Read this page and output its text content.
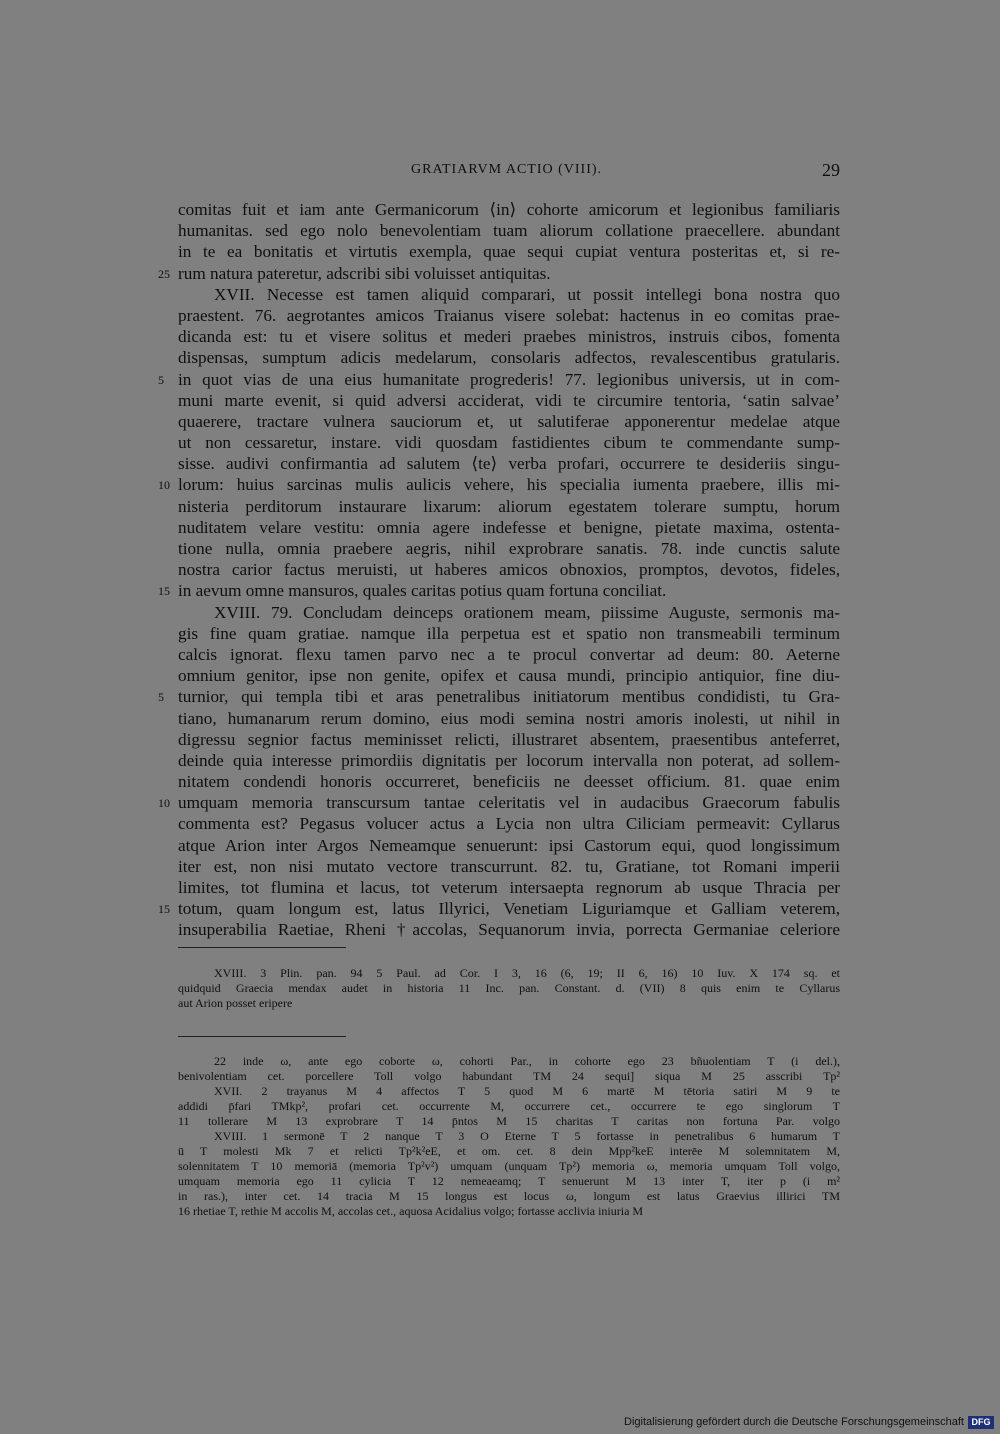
GRATIARVM ACTIO (VIII).	29
comitas fuit et iam ante Germanicorum ⟨in⟩ cohorte amicorum et legionibus familiaris
humanitas. sed ego nolo benevolentiam tuam aliorum collatione praecellere. abundant
in te ea bonitatis et virtutis exempla, quae sequi cupiat ventura posteritas et, si re-
25 rum natura pateretur, adscribi sibi voluisset antiquitas.
XVII. Necesse est tamen aliquid comparari, ut possit intellegi bona nostra quo
praestent. 76. aegrotantes amicos Traianus visere solebat: hactenus in eo comitas prae-
dicanda est: tu et visere solitus et mederi praebes ministros, instruis cibos, fomenta
dispensas, sumptum adicis medelarum, consolaris adfectos, revalescentibus gratularis.
5 in quot vias de una eius humanitate progrederis! 77. legionibus universis, ut in com-
muni marte evenit, si quid adversi acciderat, vidi te circumire tentoria, ‘satin salvae’
quaerere, tractare vulnera sauciorum et, ut salutiferae apponerentur medelae atque
ut non cessaretur, instare. vidi quosdam fastidientes cibum te commendante sump-
sisse. audivi confirmantia ad salutem ⟨te⟩ verba profari, occurrere te desideriis singu-
10 lorum: huius sarcinas mulis aulicis vehere, his specialia iumenta praebere, illis mi-
nisteria perditorum instaurare lixarum: aliorum egestatem tolerare sumptu, horum
nuditatem velare vestitu: omnia agere indefesse et benigne, pietate maxima, ostenta-
tione nulla, omnia praebere aegris, nihil exprobrare sanatis. 78. inde cunctis salute
nostra carior factus meruisti, ut haberes amicos obnoxios, promptos, devotos, fideles,
15 in aevum omne mansuros, quales caritas potius quam fortuna conciliat.
XVIII. 79. Concludam deinceps orationem meam, piissime Auguste, sermonis ma-
gis fine quam gratiae. namque illa perpetua est et spatio non transmeabili terminum
calcis ignorat. flexu tamen parvo nec a te procul convertar ad deum: 80. Aeterne
omnium genitor, ipse non genite, opifex et causa mundi, principio antiquior, fine diu-
5 turnior, qui templa tibi et aras penetralibus initiatorum mentibus condidisti, tu Gra-
tiano, humanarum rerum domino, eius modi semina nostri amoris inolesti, ut nihil in
digressu segnior factus meminisset relicti, illustraret absentem, praesentibus anteferret,
deinde quia interesse primordiis dignitatis per locorum intervalla non poterat, ad sollem-
nitatem condendi honoris occurreret, beneficiis ne deesset officium. 81. quae enim
10 umquam memoria transcursum tantae celeritatis vel in audacibus Graecorum fabulis
commenta est? Pegasus volucer actus a Lycia non ultra Ciliciam permeavit: Cyllarus
atque Arion inter Argos Nemeamque senuerunt: ipsi Castorum equi, quod longissimum
iter est, non nisi mutato vectore transcurrunt. 82. tu, Gratiane, tot Romani imperii
limites, tot flumina et lacus, tot veterum intersaepta regnorum ab usque Thracia per
15 totum, quam longum est, latus Illyrici, Venetiam Liguriamque et Galliam veterem,
insuperabilia Raetiae, Rheni †accolas, Sequanorum invia, porrecta Germaniae celeriore
XVIII. 3 Plin. pan. 94 5 Paul. ad Cor. I 3, 16 (6, 19; II 6, 16) 10 Iuv. X 174 sq. et
quidquid Graecia mendax audet in historia 11 Inc. pan. Constant. d. (VII) 8 quis enim te Cyllarus
aut Arion posset eripere
22 inde ω, ante ego coborte ω, cohorti Par., in cohorte ego 23 bñuolentiam T (i del.),
benivolentiam cet. porcellere Toll volgo habundant TM 24 sequi] siqua M 25 asscribi Tp²
XVII. 2 trayanus M 4 affectos T 5 quod M 6 martē M tētoria satiri M 9 te
addidi p̄fari TMkp², profari cet. occurrente M, occurrere cet., occurrere te ego singlorum T
11 tollerare M 13 exprobrare T 14 p̄ntos M 15 charitas T caritas non fortuna Par. volgo
XVIII. 1 sermonē T 2 nanque T 3 O Eterne T 5 fortasse in penetralibus 6 humarum T
ū T molesti Mk 7 et relicti Tp²k²eE, et om. cet. 8 dein Mpp²keE interēe M solemnitatem M,
solennitatem T 10 memoriā (memoria Tp²v²) umquam (unquam Tp²) memoria ω, memoria umquam Toll volgo,
umquam memoria ego 11 cylicia T 12 nemeaeamq; T senuerunt M 13 inter T, iter p (i m²
in ras.), inter cet. 14 tracia M 15 longus est locus ω, longum est latus Graevius illirici TM
16 rhetiae T, rethie M accolis M, accolas cet., aquosa Acidalius volgo; fortasse acclivia iniuria M
Digitalisierung gefördert durch die Deutsche Forschungsgemeinschaft DFG
